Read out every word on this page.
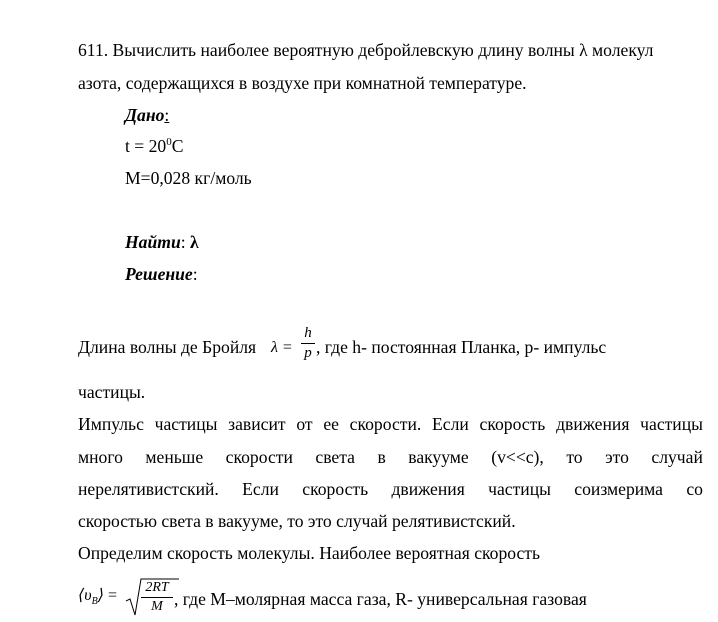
611. Вычислить наиболее вероятную дебройлевскую длину волны λ молекул
азота, содержащихся в воздухе при комнатной температуре.
Дано:
$t = 20^0С$
M=0,028 кг/моль
Найти: λ
Решение:
Длина волны де Бройля λ =
h
p , где h- постоянная Планка, p- импульс
частицы.
Импульс частицы зависит от ее скорости. Если скорость движения частицы
много меньше скорости света в вакууме (v<<c), то это случай
нерелятивистский. Если скорость движения частицы соизмерима со
скоростью света в вакууме, то это случай релятивистский.
Определим скорость молекулы. Наиболее вероятная скорость
$⟨\upsilon_B⟩$ =	2RT
M , где М–молярная масса газа, R- универсальная газовая
